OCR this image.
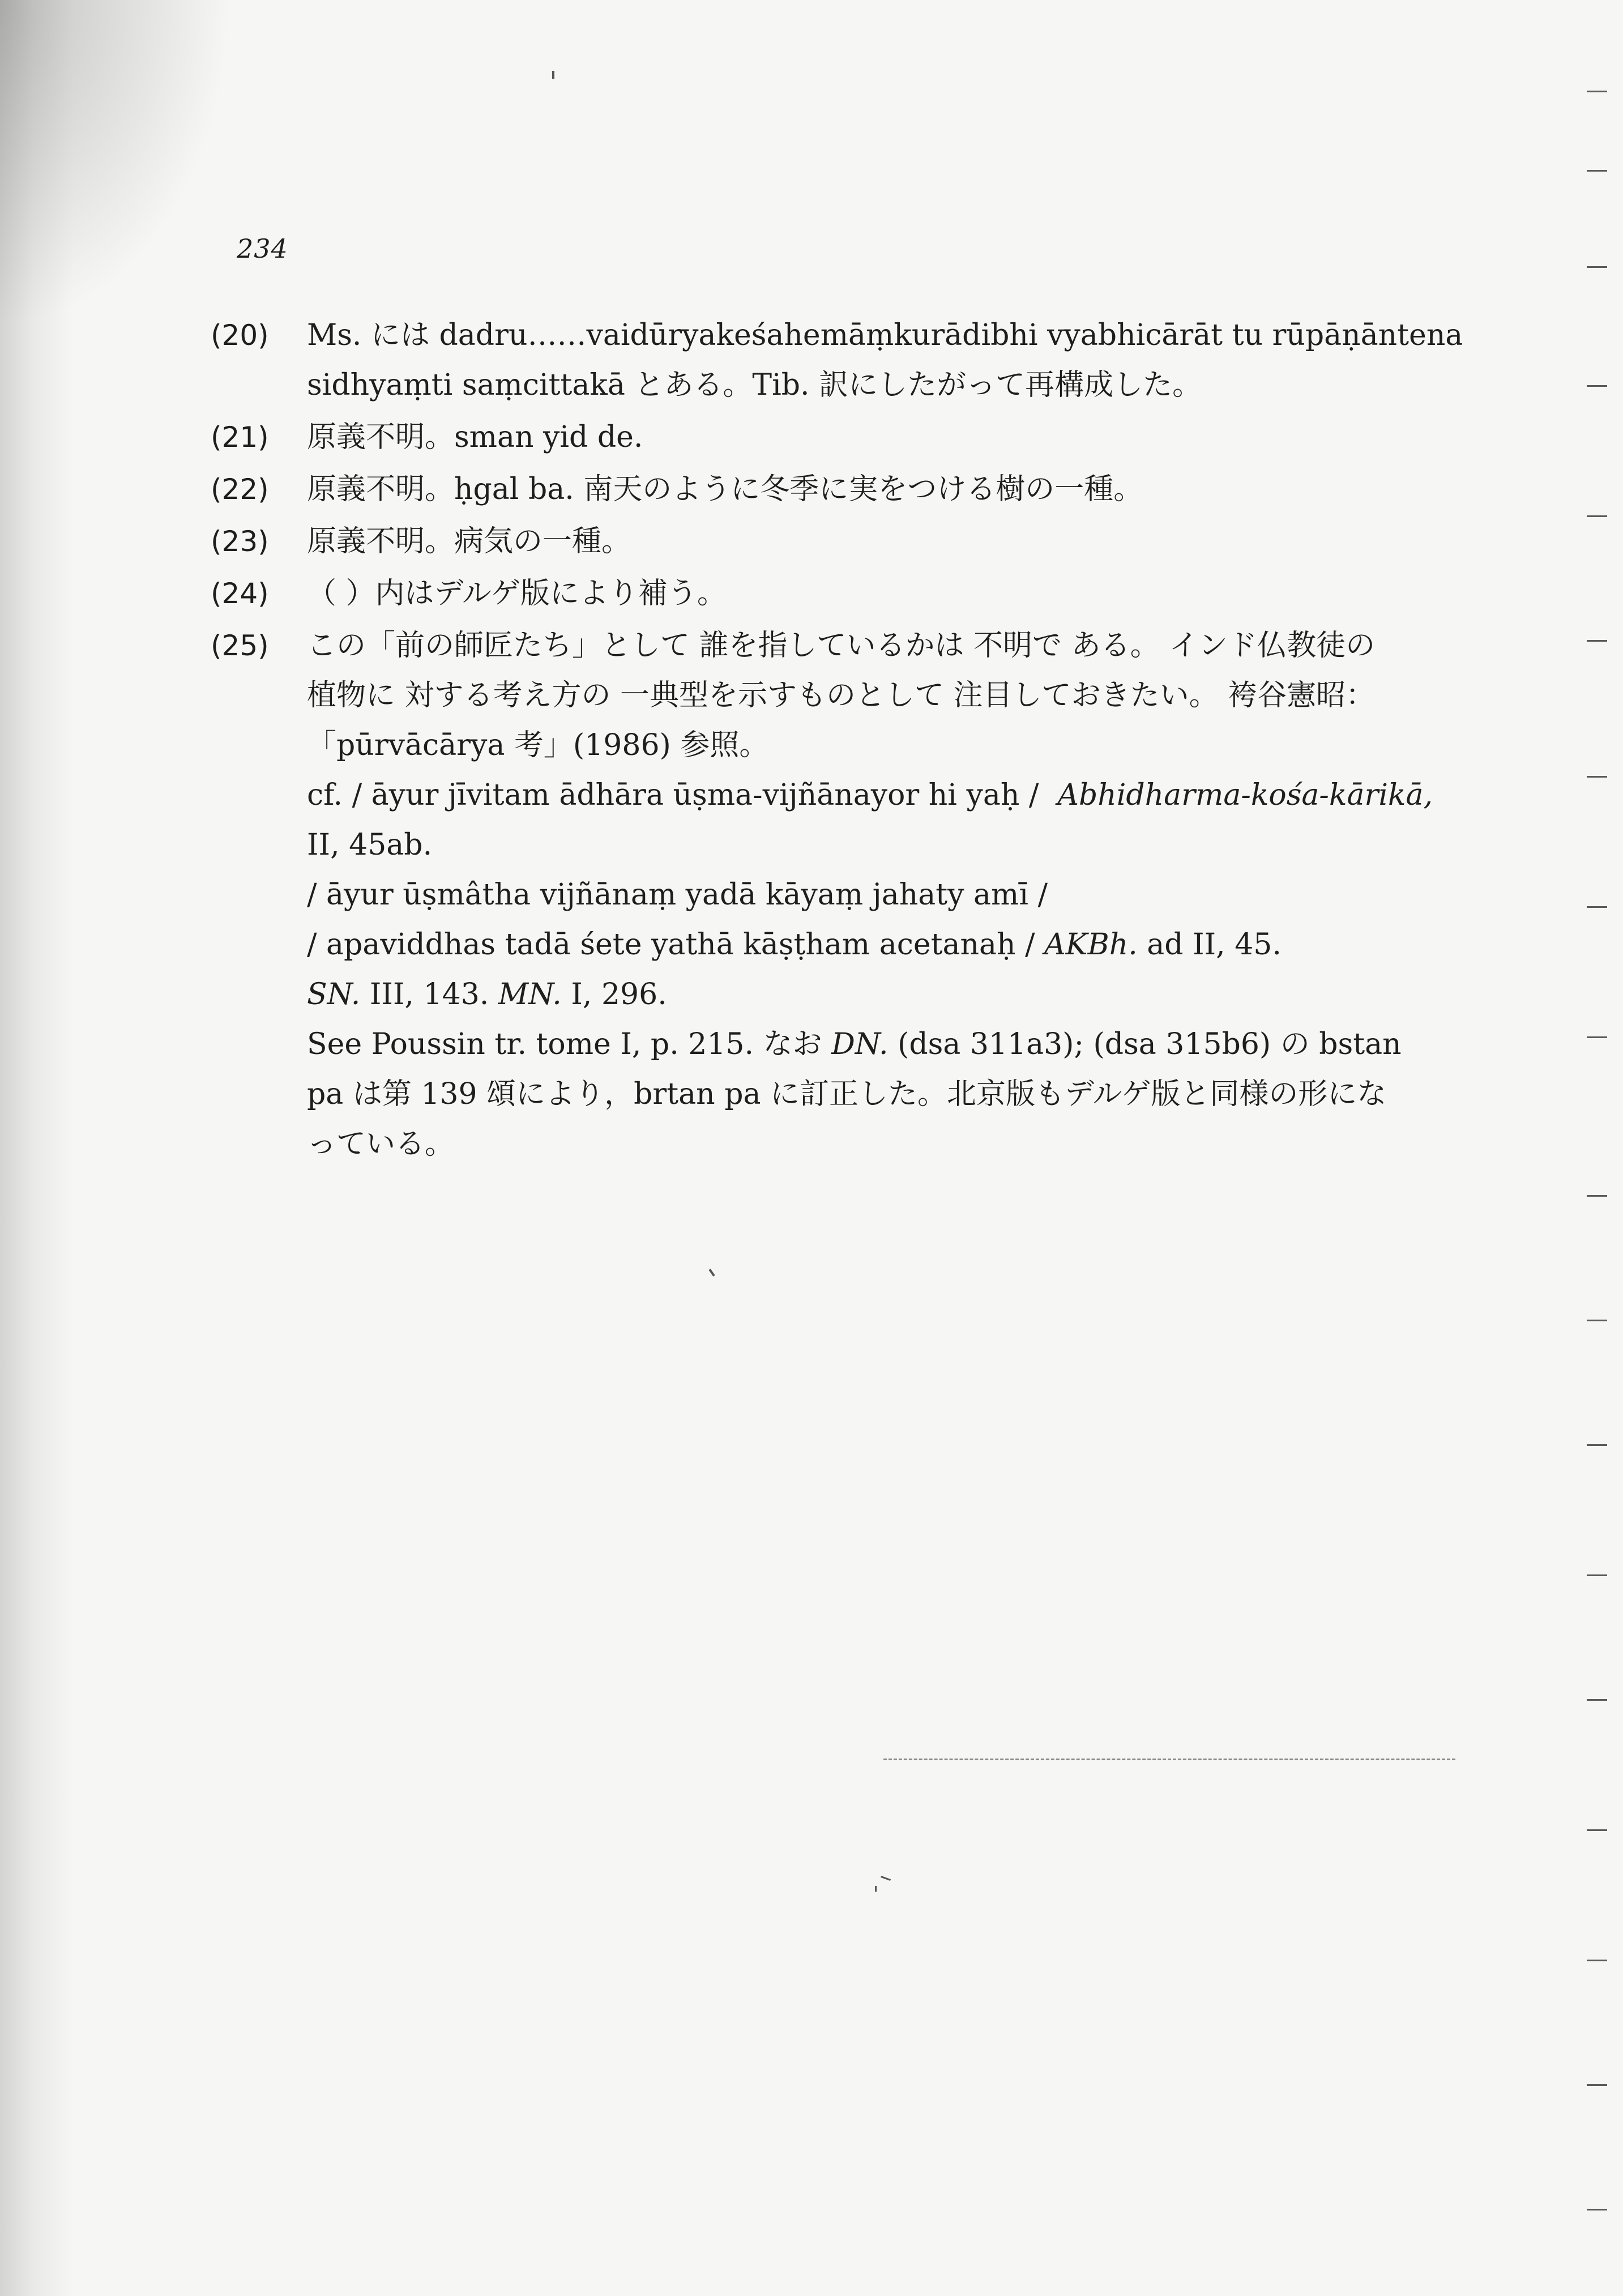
234
(20)	Ms. には dadru……vaidūryakeśahemāṃkurādibhi vyabhicārāt tu rūpāṇāntena
sidhyaṃti saṃcittakā とある。Tib. 訳にしたがって再構成した。
(21)	原義不明。sman yid de.
(22)	原義不明。ḥgal ba. 南天のように冬季に実をつける樹の一種。
(23)	原義不明。病気の一種。
(24)	（ ）内はデルゲ版により補う。
(25)	この「前の師匠たち」として 誰を指しているかは 不明で ある。 インド仏教徒の
植物に 対する考え方の 一典型を示すものとして 注目しておきたい。 袴谷憲昭：
「pūrvācārya 考」(1986) 参照。
cf. / āyur jīvitam ādhāra ūṣma-vijñānayor hi yaḥ / Abhidharma-kośa-kārikā,
II, 45ab.
/ āyur ūṣmâtha vijñānaṃ yadā kāyaṃ jahaty amī /
/ apaviddhas tadā śete yathā kāṣṭham acetanaḥ / AKBh. ad II, 45.
SN. III, 143. MN. I, 296.
See Poussin tr. tome I, p. 215. なお DN. (dsa 311a3); (dsa 315b6) の bstan
pa は第 139 頌により，brtan pa に訂正した。北京版もデルゲ版と同様の形にな
っている。
